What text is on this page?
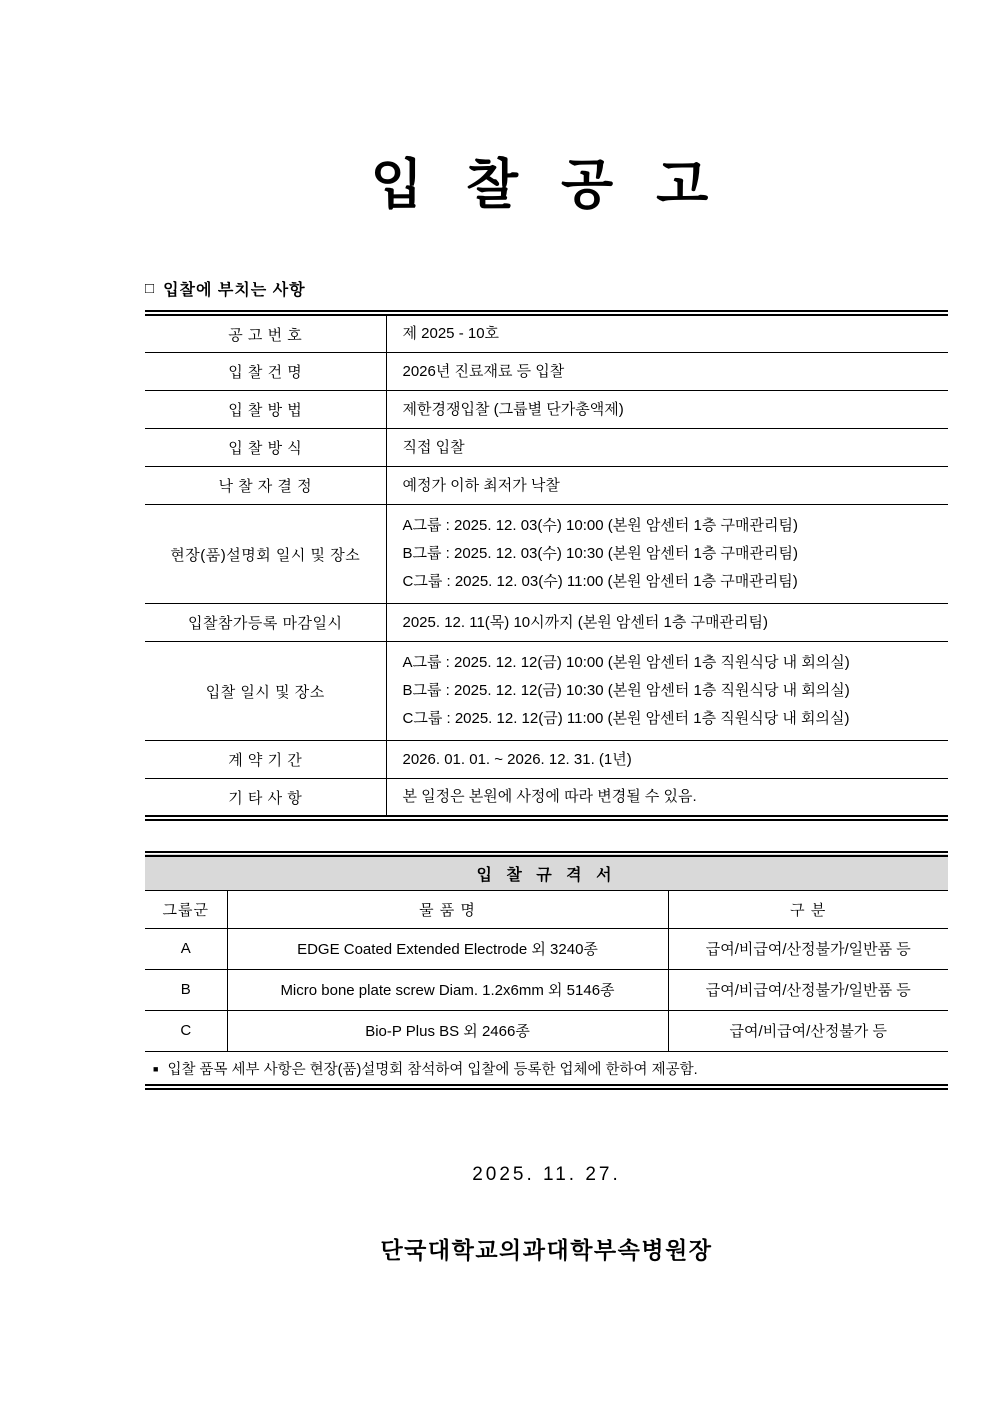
입 찰 공 고
□ 입찰에 부치는 사항
공 고 번 호	제 2025 - 10호

입 찰 건 명	2026년 진료재료 등 입찰

입 찰 방 법	제한경쟁입찰 (그룹별 단가총액제)

입 찰 방 식	직접 입찰

낙 찰 자 결 정	예정가 이하 최저가 낙찰

현장(품)설명회 일시 및 장소	A그룹 : 2025. 12. 03(수) 10:00 (본원 암센터 1층 구매관리팀)
B그룹 : 2025. 12. 03(수) 10:30 (본원 암센터 1층 구매관리팀)
C그룹 : 2025. 12. 03(수) 11:00 (본원 암센터 1층 구매관리팀)

입찰참가등록 마감일시	2025. 12. 11(목) 10시까지 (본원 암센터 1층 구매관리팀)

입찰 일시 및 장소	A그룹 : 2025. 12. 12(금) 10:00 (본원 암센터 1층 직원식당 내 회의실)
B그룹 : 2025. 12. 12(금) 10:30 (본원 암센터 1층 직원식당 내 회의실)
C그룹 : 2025. 12. 12(금) 11:00 (본원 암센터 1층 직원식당 내 회의실)

계 약 기 간	2026. 01. 01. ~ 2026. 12. 31. (1년)

기 타 사 항	본 일정은 본원에 사정에 따라 변경될 수 있음.
입 찰 규 격 서		
그룹군	물 품 명	구 분
A	EDGE Coated Extended Electrode 외 3240종	급여/비급여/산정불가/일반품 등
B	Micro bone plate screw Diam. 1.2x6mm 외 5146종	급여/비급여/산정불가/일반품 등
C	Bio-P Plus BS 외 2466종	급여/비급여/산정불가 등
■ 입찰 품목 세부 사항은 현장(품)설명회 참석하여 입찰에 등록한 업체에 한하여 제공함.		
2025. 11. 27.
단국대학교의과대학부속병원장
